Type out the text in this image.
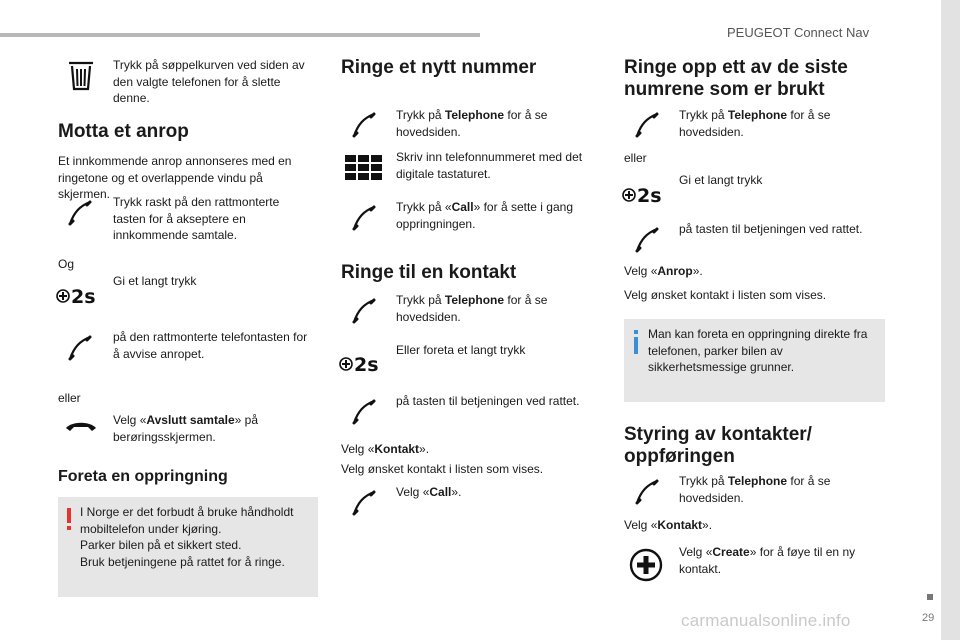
PEUGEOT Connect Nav
29
carmanualsonline.info
Trykk på søppelkurven ved siden av den valgte telefonen for å slette denne.
Motta et anrop
Et innkommende anrop annonseres med en ringetone og et overlappende vindu på skjermen.
Trykk raskt på den rattmonterte tasten for å akseptere en innkommende samtale.
Og
2s
Gi et langt trykk
på den rattmonterte telefontasten for å avvise anropet.
eller
Velg «Avslutt samtale» på berøringsskjermen.
Foreta en oppringning
I Norge er det forbudt å bruke håndholdt mobiltelefon under kjøring.
Parker bilen på et sikkert sted.
Bruk betjeningene på rattet for å ringe.
Ringe et nytt nummer
Trykk på Telephone for å se hovedsiden.
Skriv inn telefonnummeret med det digitale tastaturet.
Trykk på «Call» for å sette i gang oppringningen.
Ringe til en kontakt
Trykk på Telephone for å se hovedsiden.
2s
Eller foreta et langt trykk
på tasten til betjeningen ved rattet.
Velg «Kontakt».
Velg ønsket kontakt i listen som vises.
Velg «Call».
Ringe opp ett av de siste numrene som er brukt
Trykk på Telephone for å se hovedsiden.
eller
2s
Gi et langt trykk
på tasten til betjeningen ved rattet.
Velg «Anrop».
Velg ønsket kontakt i listen som vises.
Man kan foreta en oppringning direkte fra telefonen, parker bilen av sikkerhetsmessige grunner.
Styring av kontakter/ oppføringen
Trykk på Telephone for å se hovedsiden.
Velg «Kontakt».
Velg «Create» for å føye til en ny kontakt.
